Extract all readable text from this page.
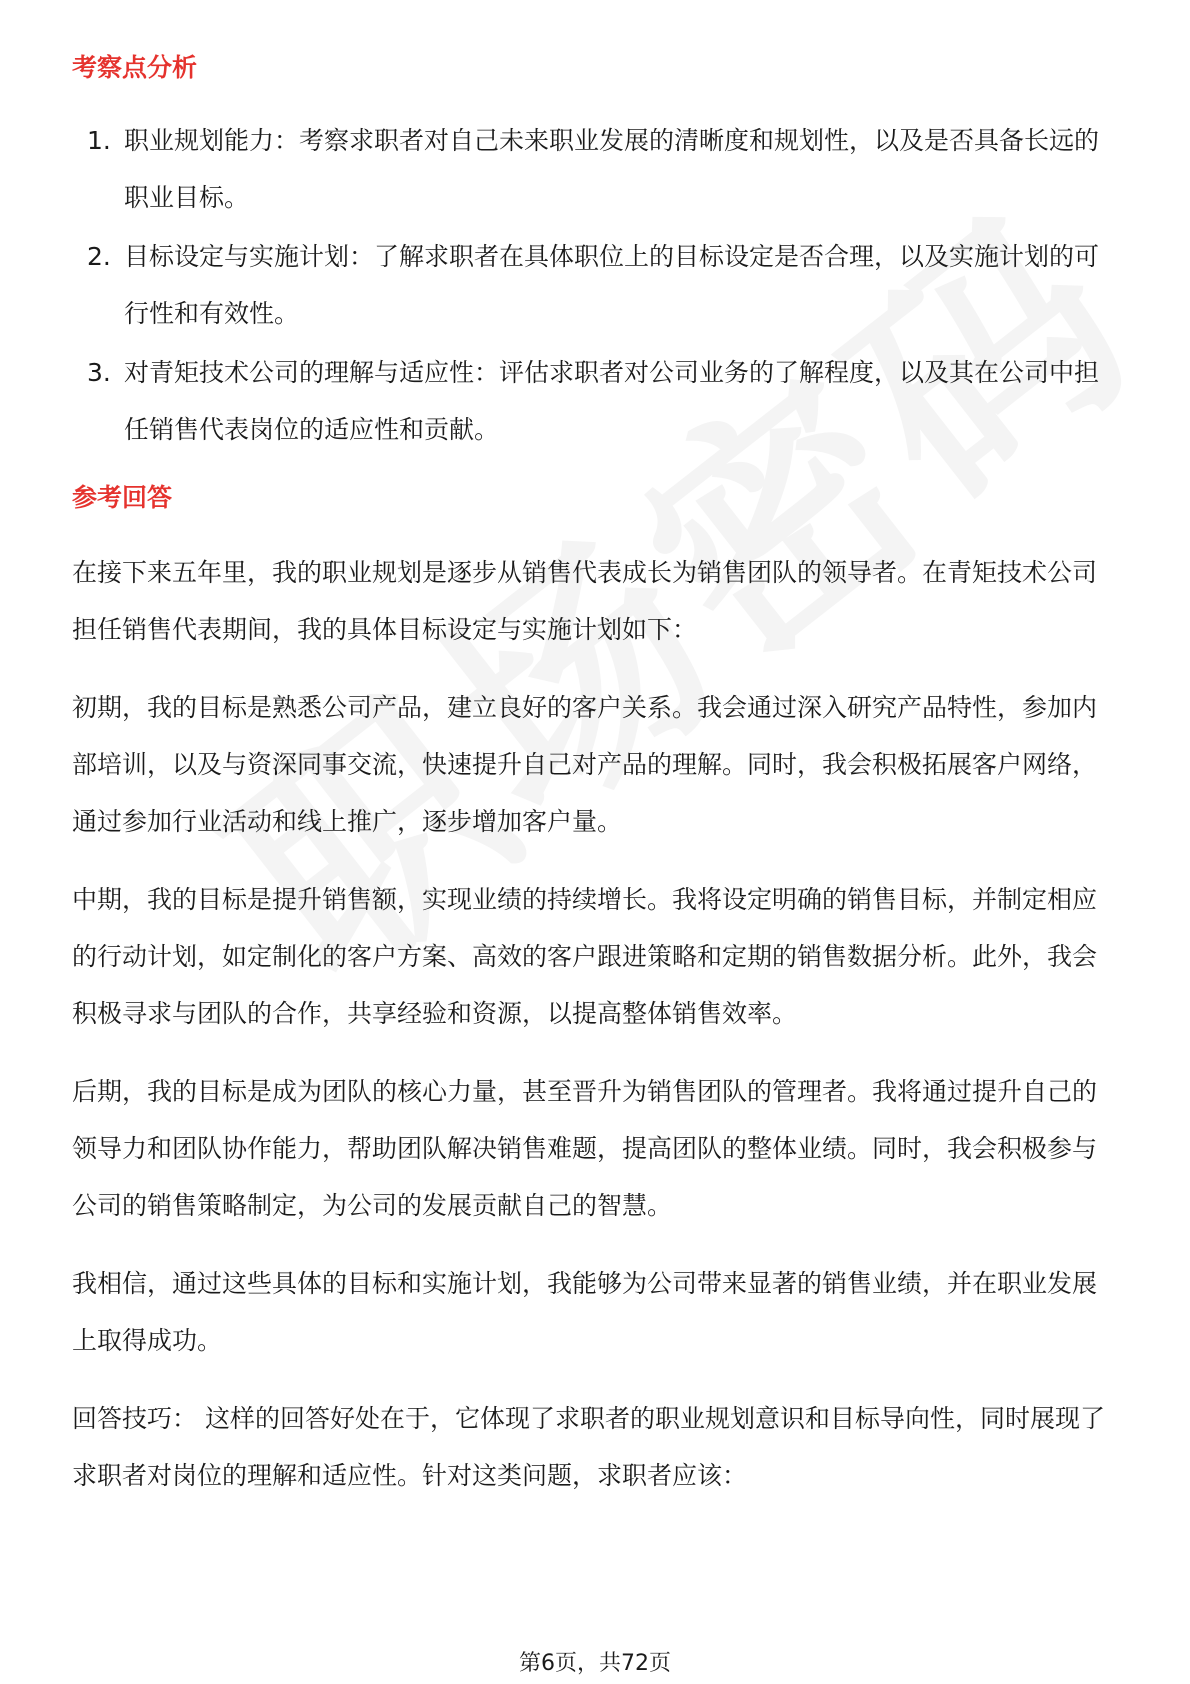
考察点分析
1. 职业规划能力：考察求职者对自己未来职业发展的清晰度和规划性，以及是否具备长远的职业目标。
2. 目标设定与实施计划：了解求职者在具体职位上的目标设定是否合理，以及实施计划的可行性和有效性。
3. 对青矩技术公司的理解与适应性：评估求职者对公司业务的了解程度，以及其在公司中担任销售代表岗位的适应性和贡献。
参考回答

在接下来五年里，我的职业规划是逐步从销售代表成长为销售团队的领导者。在青矩技术公司担任销售代表期间，我的具体目标设定与实施计划如下：

初期，我的目标是熟悉公司产品，建立良好的客户关系。我会通过深入研究产品特性，参加内部培训，以及与资深同事交流，快速提升自己对产品的理解。同时，我会积极拓展客户网络，通过参加行业活动和线上推广，逐步增加客户量。

中期，我的目标是提升销售额，实现业绩的持续增长。我将设定明确的销售目标，并制定相应的行动计划，如定制化的客户方案、高效的客户跟进策略和定期的销售数据分析。此外，我会积极寻求与团队的合作，共享经验和资源，以提高整体销售效率。

后期，我的目标是成为团队的核心力量，甚至晋升为销售团队的管理者。我将通过提升自己的领导力和团队协作能力，帮助团队解决销售难题，提高团队的整体业绩。同时，我会积极参与公司的销售策略制定，为公司的发展贡献自己的智慧。

我相信，通过这些具体的目标和实施计划，我能够为公司带来显著的销售业绩，并在职业发展上取得成功。

回答技巧： 这样的回答好处在于，它体现了求职者的职业规划意识和目标导向性，同时展现了求职者对岗位的理解和适应性。针对这类问题，求职者应该：

第6页，共72页
